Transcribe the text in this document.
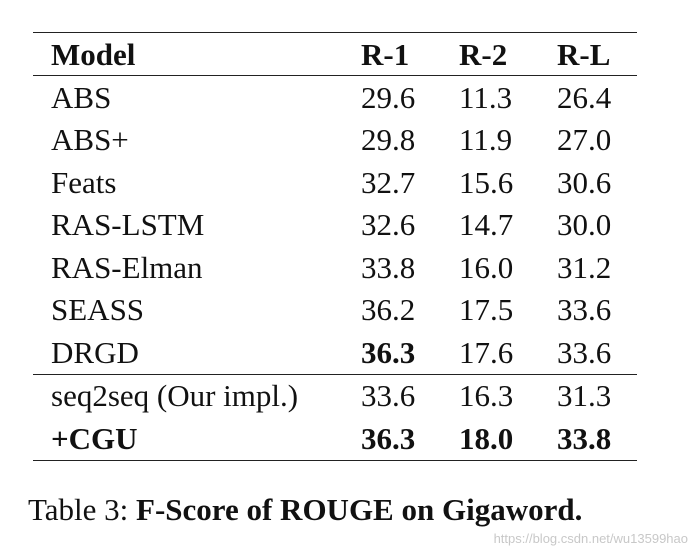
Model	R-1	R-2	R-L
ABS	29.6	11.3	26.4
ABS+	29.8	11.9	27.0
Feats	32.7	15.6	30.6
RAS-LSTM	32.6	14.7	30.0
RAS-Elman	33.8	16.0	31.2
SEASS	36.2	17.5	33.6
DRGD	36.3	17.6	33.6
seq2seq (Our impl.)	33.6	16.3	31.3
+CGU	36.3	18.0	33.8
Table 3: F-Score of ROUGE on Gigaword.
https://blog.csdn.net/wu13599hao
